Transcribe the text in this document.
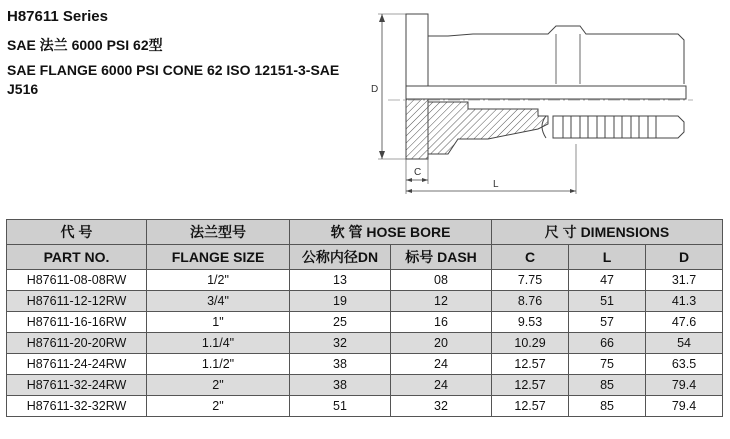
H87611 Series
SAE 法兰 6000 PSI 62型
SAE FLANGE 6000 PSI CONE 62 ISO 12151-3-SAE J516	D
C
L
代 号	法兰型号	软 管 HOSE BORE		尺 寸 DIMENSIONS		
PART NO.	FLANGE SIZE	公称内径DN	标号 DASH	C	L	D
H87611-08-08RW	1/2"	13	08	7.75	47	31.7
H87611-12-12RW	3/4"	19	12	8.76	51	41.3
H87611-16-16RW	1"	25	16	9.53	57	47.6
H87611-20-20RW	1.1/4"	32	20	10.29	66	54
H87611-24-24RW	1.1/2"	38	24	12.57	75	63.5
H87611-32-24RW	2"	38	24	12.57	85	79.4
H87611-32-32RW	2"	51	32	12.57	85	79.4
